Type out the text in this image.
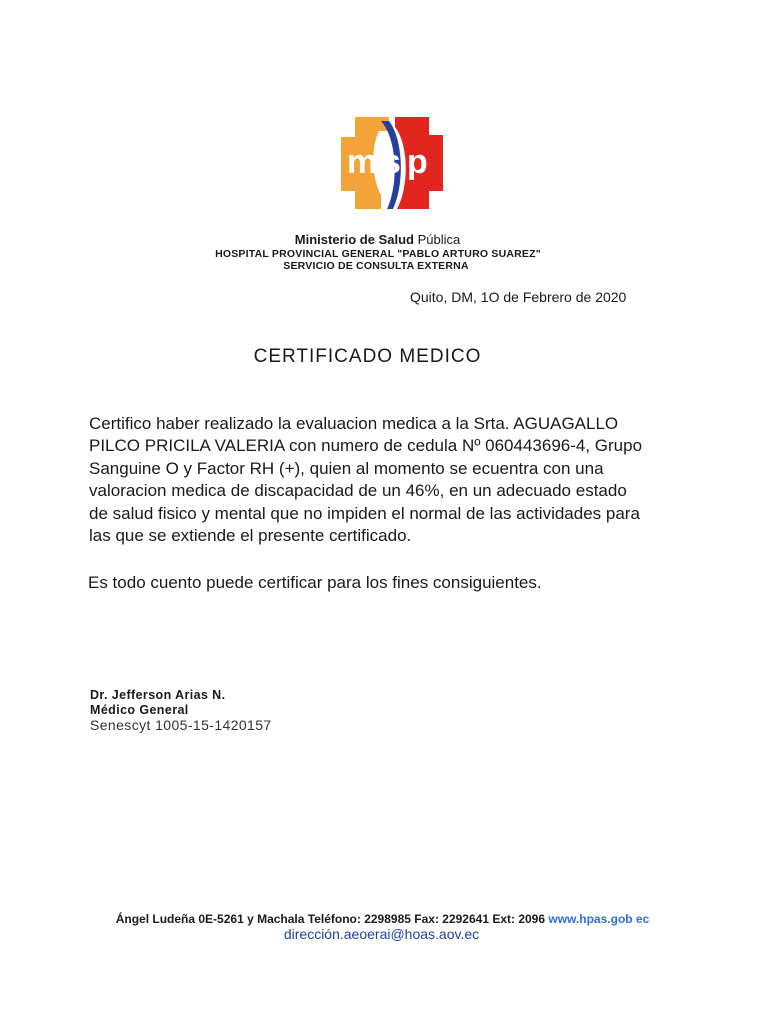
m s p
Ministerio de Salud Pública
HOSPITAL PROVINCIAL GENERAL "PABLO ARTURO SUAREZ"
SERVICIO DE CONSULTA EXTERNA
Quito, DM, 1O de Febrero de 2020
CERTIFICADO MEDICO
Certifico haber realizado la evaluacion medica a la Srta. AGUAGALLO PILCO PRICILA VALERIA con numero de cedula Nº 060443696-4, Grupo Sanguine O y Factor RH (+), quien al momento se ecuentra con una valoracion medica de discapacidad de un 46%, en un adecuado estado de salud fisico y mental que no impiden el normal de las actividades para las que se extiende el presente certificado.
Es todo cuento puede certificar para los fines consiguientes.
Dr. Jefferson Arias N.
Médico General
Senescyt 1005-15-1420157
Ángel Ludeña 0E-5261 y Machala Teléfono: 2298985 Fax: 2292641 Ext: 2096 www.hpas.gob ec
dirección.aeoerai@hoas.aov.ec
